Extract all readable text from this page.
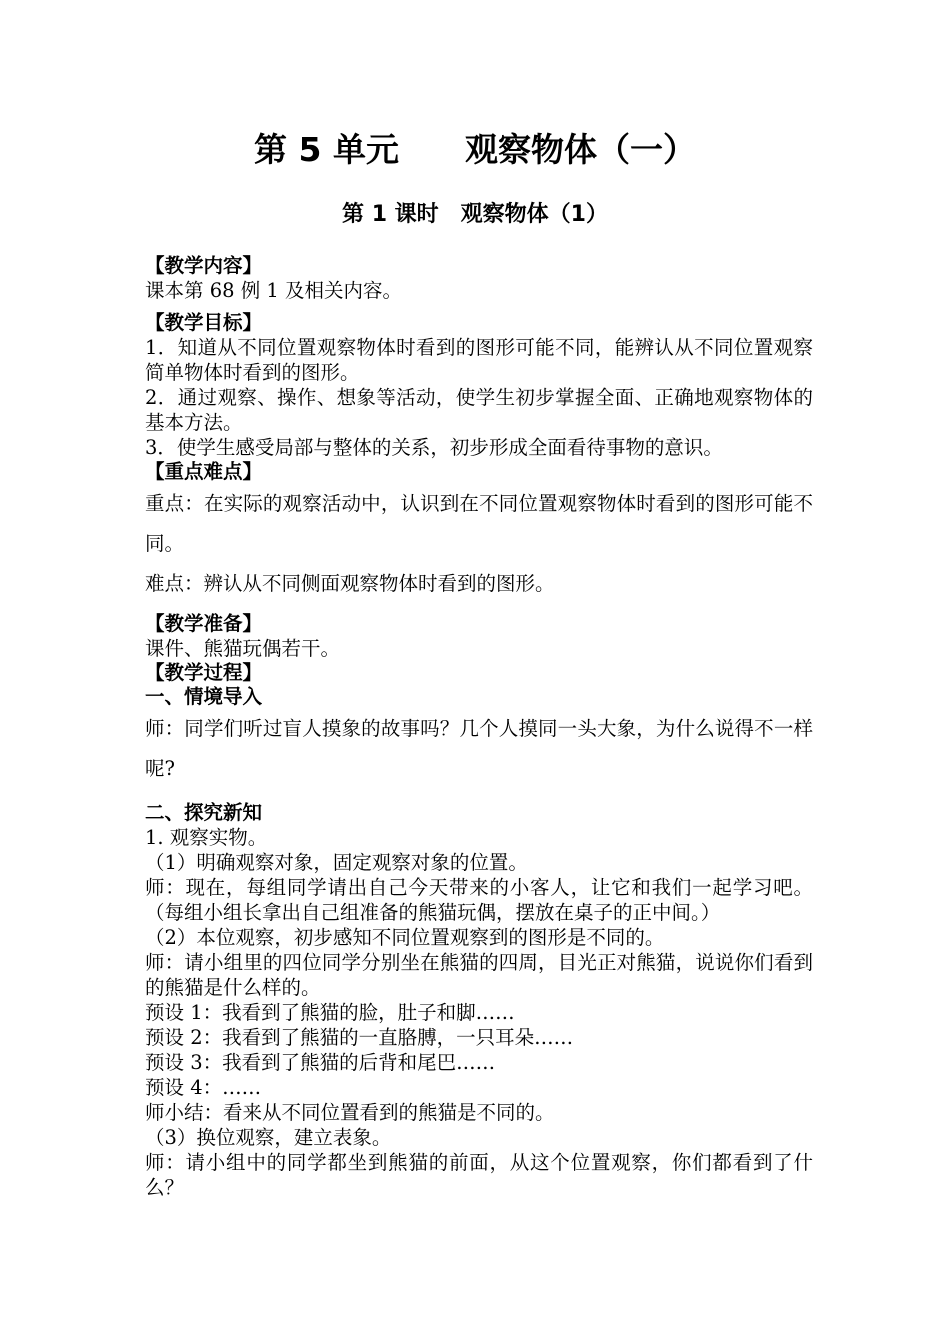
第 5 单元　　观察物体（一）
第 1 课时　观察物体（1）
【教学内容】
课本第 68 例 1 及相关内容。
【教学目标】
1．知道从不同位置观察物体时看到的图形可能不同，能辨认从不同位置观察简单物体时看到的图形。
2．通过观察、操作、想象等活动，使学生初步掌握全面、正确地观察物体的基本方法。
3．使学生感受局部与整体的关系，初步形成全面看待事物的意识。
【重点难点】
重点：在实际的观察活动中，认识到在不同位置观察物体时看到的图形可能不同。
难点：辨认从不同侧面观察物体时看到的图形。
【教学准备】
课件、熊猫玩偶若干。
【教学过程】
一、情境导入
师：同学们听过盲人摸象的故事吗？几个人摸同一头大象，为什么说得不一样呢?
二、探究新知
1. 观察实物。
（1）明确观察对象，固定观察对象的位置。
师：现在，每组同学请出自己今天带来的小客人，让它和我们一起学习吧。（每组小组长拿出自己组准备的熊猫玩偶，摆放在桌子的正中间。）
（2）本位观察，初步感知不同位置观察到的图形是不同的。
师：请小组里的四位同学分别坐在熊猫的四周，目光正对熊猫，说说你们看到的熊猫是什么样的。
预设 1：我看到了熊猫的脸，肚子和脚……
预设 2：我看到了熊猫的一直胳膊，一只耳朵……
预设 3：我看到了熊猫的后背和尾巴……
预设 4：……
师小结：看来从不同位置看到的熊猫是不同的。
（3）换位观察，建立表象。
师：请小组中的同学都坐到熊猫的前面，从这个位置观察，你们都看到了什么？
